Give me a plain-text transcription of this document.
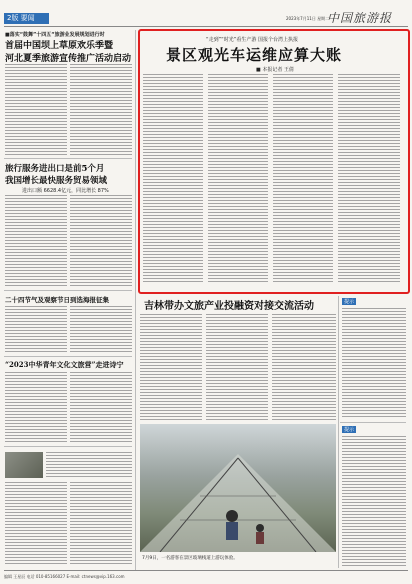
2版 要闻	2023年7月11日 星期二
中国旅游报
■落实“鼓舞”十四五“旅游业发展规划进行时
首届中国坝上草原欢乐季暨
河北夏季旅游宣传推广活动启动
旅行服务进出口是前5个月
我国增长最快服务贸易领域
进出口额 6628.4亿元，同比增长 87%
二十四节气及观察节日到选海报征集
“2023中华青年文化文旅营”走进诗宁
“走到”“时光”看生产游 国报个台湾上执报
景区观光车运维应算大账
■ 本报记者 王倩
吉林带办文旅产业投融资对接交流活动
7月9日，一名游客在景区玻璃栈道上游玩体验。
提示
提示
编辑 王星辰 电话 010-85166027 E-mail: ctnews@vip.163.com
